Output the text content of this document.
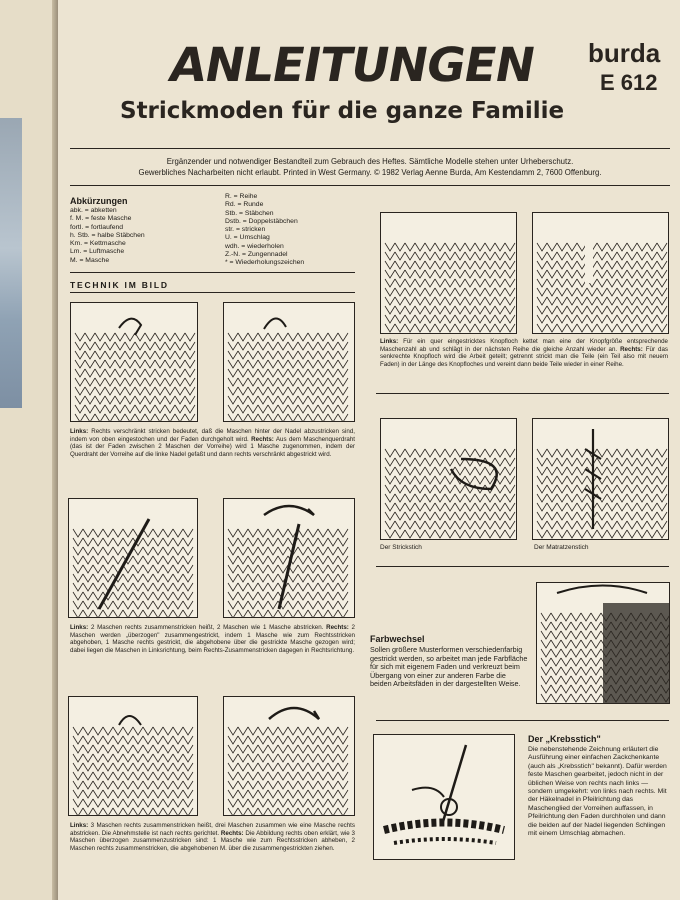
ANLEITUNGEN
Strickmoden für die ganze Familie
burda
E 612
Ergänzender und notwendiger Bestandteil zum Gebrauch des Heftes. Sämtliche Modelle stehen unter Urheberschutz.
Gewerbliches Nacharbeiten nicht erlaubt. Printed in West Germany. © 1982 Verlag Aenne Burda, Am Kestendamm 2, 7600 Offenburg.
Abkürzungen
abk. = abketten
f. M. = feste Masche
fortl. = fortlaufend
h. Stb. = halbe Stäbchen
Km. = Kettmasche
Lm. = Luftmasche
M. = Masche
R. = Reihe
Rd. = Runde
Stb. = Stäbchen
Dstb. = Doppelstäbchen
str. = stricken
U. = Umschlag
wdh. = wiederholen
Z.-N. = Zungennadel
* = Wiederholungszeichen
TECHNIK IM BILD
Links: Rechts verschränkt stricken bedeutet, daß die Maschen hinter der Nadel abzustricken sind, indem von oben eingestochen und der Faden durchgeholt wird. Rechts: Aus dem Maschenquerdraht (das ist der Faden zwischen 2 Maschen der Vorreihe) wird 1 Masche zugenommen, indem der Querdraht der Vorreihe auf die linke Nadel gefaßt und dann rechts verschränkt abgestrickt wird.
Links: 2 Maschen rechts zusammenstricken heißt, 2 Maschen wie 1 Masche abstricken. Rechts: 2 Maschen werden „überzogen" zusammengestrickt, indem 1 Masche wie zum Rechtsstricken abgehoben, 1 Masche rechts gestrickt, die abgehobene über die gestrickte Masche gezogen wird; dabei liegen die Maschen in Linksrichtung, beim Rechts-Zusammenstricken dagegen in Rechtsrichtung.
Links: 3 Maschen rechts zusammenstricken heißt, drei Maschen zusammen wie eine Masche rechts abstricken. Die Abnehmstelle ist nach rechts gerichtet. Rechts: Die Abbildung rechts oben erklärt, wie 3 Maschen überzogen zusammenzustricken sind: 1 Masche wie zum Rechtsstricken abheben, 2 Maschen rechts zusammenstricken, die abgehobenen M. über die zusammengestrickten ziehen.
Links: Für ein quer eingestricktes Knopfloch kettet man eine der Knopfgröße entsprechende Maschenzahl ab und schlägt in der nächsten Reihe die gleiche Anzahl wieder an. Rechts: Für das senkrechte Knopfloch wird die Arbeit geteilt; getrennt strickt man die Teile (ein Teil also mit neuem Faden) in der Länge des Knopfloches und vereint dann beide Teile wieder in einer Reihe.
Der Strickstich	Der Matratzenstich
Farbwechsel
Sollen größere Musterformen verschiedenfarbig gestrickt werden, so arbeitet man jede Farbfläche für sich mit eigenem Faden und verkreuzt beim Übergang von einer zur anderen Farbe die beiden Arbeitsfäden in der dargestellten Weise.
Der „Krebsstich"
Die nebenstehende Zeichnung erläutert die Ausführung einer einfachen Zackchenkante (auch als „Krebsstich" bekannt). Dafür werden feste Maschen gearbeitet, jedoch nicht in der üblichen Weise von rechts nach links — sondern umgekehrt: von links nach rechts. Mit der Häkelnadel in Pfeilrichtung das Maschenglied der Vorreihen auffassen, in Pfeilrichtung den Faden durchholen und dann die beiden auf der Nadel liegenden Schlingen mit einem Umschlag abmachen.
